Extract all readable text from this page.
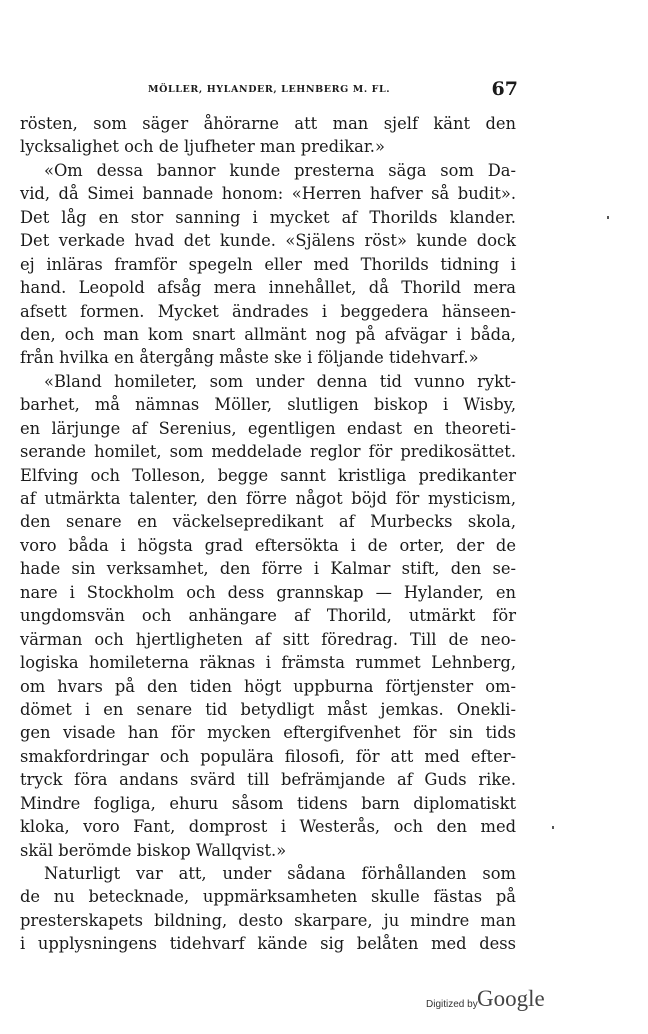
MÖLLER, HYLANDER, LEHNBERG M. FL.	67
rösten, som säger åhörarne att man sjelf känt den
lycksalighet och de ljufheter man predikar.»
«Om dessa bannor kunde presterna säga som Da-
vid, då Simei bannade honom: «Herren hafver så budit».
Det låg en stor sanning i mycket af Thorilds klander.
Det verkade hvad det kunde. «Själens röst» kunde dock
ej inläras framför spegeln eller med Thorilds tidning i
hand. Leopold afsåg mera innehållet, då Thorild mera
afsett formen. Mycket ändrades i beggedera hänseen-
den, och man kom snart allmänt nog på afvägar i båda,
från hvilka en återgång måste ske i följande tidehvarf.»
«Bland homileter, som under denna tid vunno rykt-
barhet, må nämnas Möller, slutligen biskop i Wisby,
en lärjunge af Serenius, egentligen endast en theoreti-
serande homilet, som meddelade reglor för predikosättet.
Elfving och Tolleson, begge sannt kristliga predikanter
af utmärkta talenter, den förre något böjd för mysticism,
den senare en väckelsepredikant af Murbecks skola,
voro båda i högsta grad eftersökta i de orter, der de
hade sin verksamhet, den förre i Kalmar stift, den se-
nare i Stockholm och dess grannskap — Hylander, en
ungdomsvän och anhängare af Thorild, utmärkt för
värman och hjertligheten af sitt föredrag. Till de neo-
logiska homileterna räknas i främsta rummet Lehnberg,
om hvars på den tiden högt uppburna förtjenster om-
dömet i en senare tid betydligt måst jemkas. Onekli-
gen visade han för mycken eftergifvenhet för sin tids
smakfordringar och populära filosofi, för att med efter-
tryck föra andans svärd till befrämjande af Guds rike.
Mindre fogliga, ehuru såsom tidens barn diplomatiskt
kloka, voro Fant, domprost i Westerås, och den med
skäl berömde biskop Wallqvist.»
Naturligt var att, under sådana förhållanden som
de nu betecknade, uppmärksamheten skulle fästas på
presterskapets bildning, desto skarpare, ju mindre man
i upplysningens tidehvarf kände sig belåten med dess
Digitized by Google
